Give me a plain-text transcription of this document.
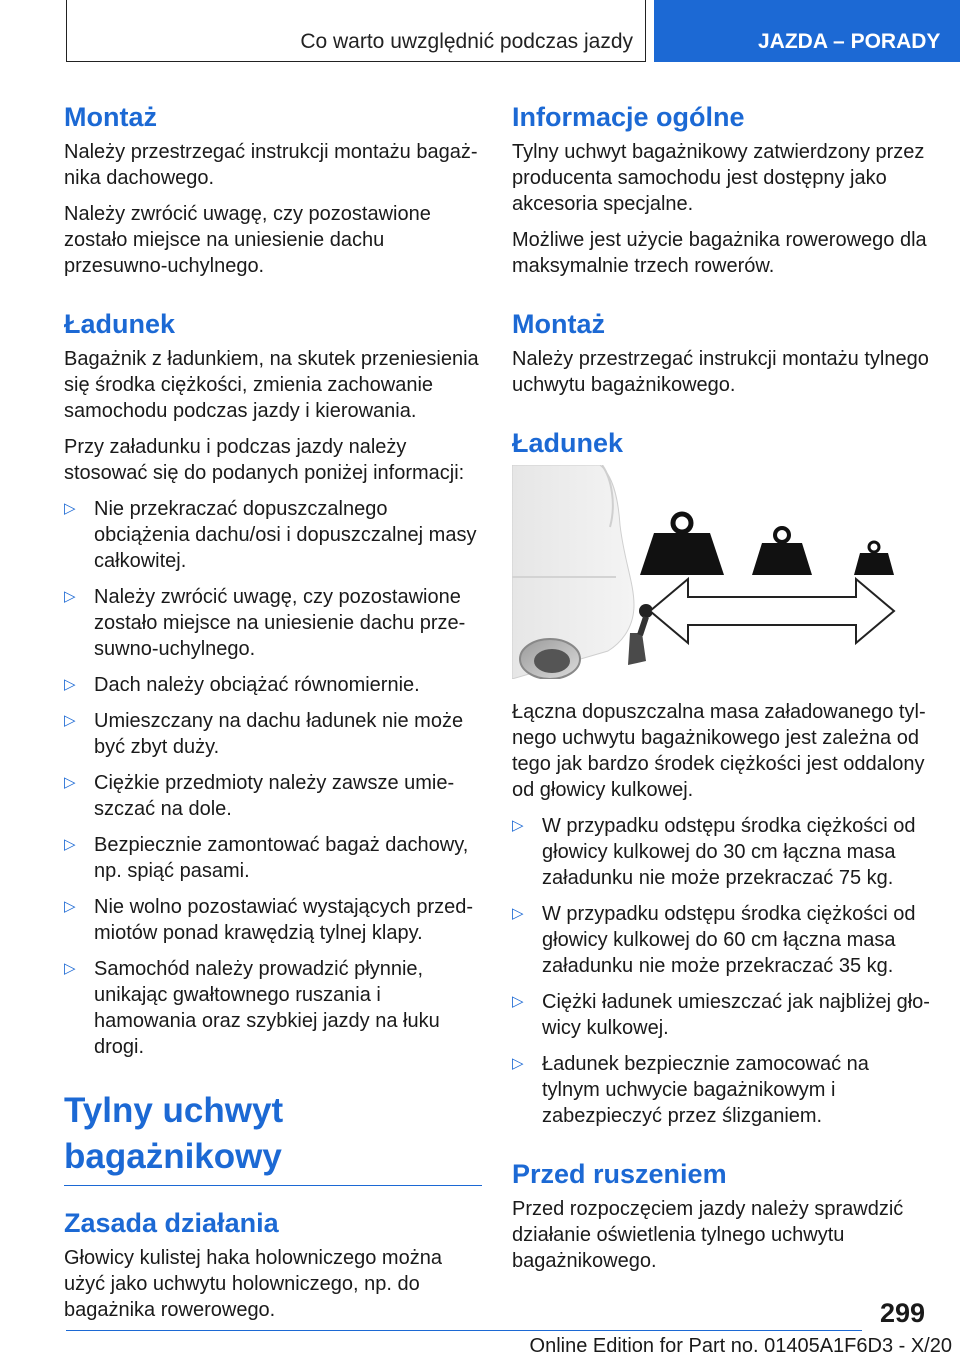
Co warto uwzględnić podczas jazdy	JAZDA – PORADY
Montaż

Należy przestrzegać instrukcji montażu bagażnika dachowego.

Należy zwrócić uwagę, czy pozostawione zostało miejsce na uniesienie dachu przesuwno-uchylnego.

Ładunek

Bagażnik z ładunkiem, na skutek przeniesienia się środka ciężkości, zmienia zachowanie samochodu podczas jazdy i kierowania.

Przy załadunku i podczas jazdy należy stosować się do podanych poniżej informacji:

▷ Nie przekraczać dopuszczalnego obciążenia dachu/osi i dopuszczalnej masy całkowitej.
▷ Należy zwrócić uwagę, czy pozostawione zostało miejsce na uniesienie dachu przesuwno-uchylnego.
▷ Dach należy obciążać równomiernie.
▷ Umieszczany na dachu ładunek nie może być zbyt duży.
▷ Ciężkie przedmioty należy zawsze umieszczać na dole.
▷ Bezpiecznie zamontować bagaż dachowy, np. spiąć pasami.
▷ Nie wolno pozostawiać wystających przedmiotów ponad krawędzią tylnej klapy.
▷ Samochód należy prowadzić płynnie, unikając gwałtownego ruszania i hamowania oraz szybkiej jazdy na łuku drogi.
Tylny uchwyt bagażnikowy
Zasada działania

Głowicy kulistej haka holowniczego można użyć jako uchwytu holowniczego, np. do bagażnika rowerowego.

Informacje ogólne

Tylny uchwyt bagażnikowy zatwierdzony przez producenta samochodu jest dostępny jako akcesoria specjalne.

Możliwe jest użycie bagażnika rowerowego dla maksymalnie trzech rowerów.

Montaż

Należy przestrzegać instrukcji montażu tylnego uchwytu bagażnikowego.

Ładunek

Łączna dopuszczalna masa załadowanego tylnego uchwytu bagażnikowego jest zależna od tego jak bardzo środek ciężkości jest oddalony od głowicy kulkowej.

▷ W przypadku odstępu środka ciężkości od głowicy kulkowej do 30 cm łączna masa załadunku nie może przekraczać 75 kg.
▷ W przypadku odstępu środka ciężkości od głowicy kulkowej do 60 cm łączna masa załadunku nie może przekraczać 35 kg.
▷ Ciężki ładunek umieszczać jak najbliżej głowicy kulkowej.
▷ Ładunek bezpiecznie zamocować na tylnym uchwycie bagażnikowym i zabezpieczyć przez ślizganiem.
Przed ruszeniem

Przed rozpoczęciem jazdy należy sprawdzić działanie oświetlenia tylnego uchwytu bagażnikowego.

299
Online Edition for Part no. 01405A1F6D3 - X/20
